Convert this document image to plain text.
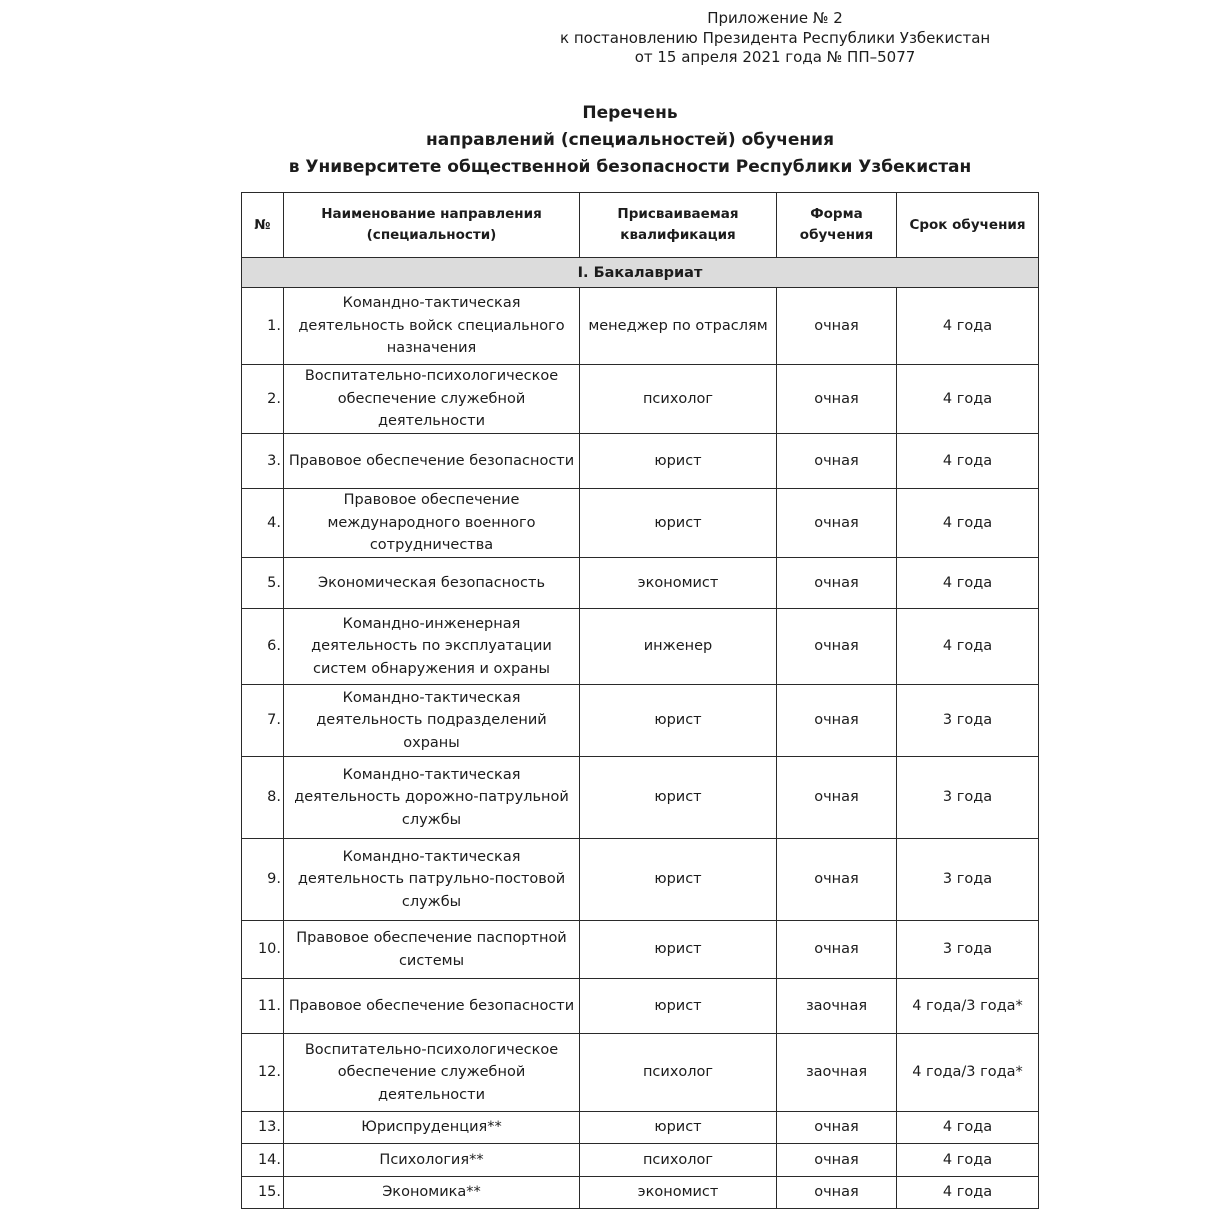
Приложение № 2
к постановлению Президента Республики Узбекистан
от 15 апреля 2021 года № ПП–5077
Перечень
направлений (специальностей) обучения
в Университете общественной безопасности Республики Узбекистан
№	Наименование направления (специальности)	Присваиваемая квалификация	Форма обучения	Срок обучения
I. Бакалавриат				
1.	Командно-тактическая деятельность войск специального назначения	менеджер по отраслям	очная	4 года
2.	Воспитательно-психологическое обеспечение служебной деятельности	психолог	очная	4 года
3.	Правовое обеспечение безопасности	юрист	очная	4 года
4.	Правовое обеспечение международного военного сотрудничества	юрист	очная	4 года
5.	Экономическая безопасность	экономист	очная	4 года
6.	Командно-инженерная деятельность по эксплуатации систем обнаружения и охраны	инженер	очная	4 года
7.	Командно-тактическая деятельность подразделений охраны	юрист	очная	3 года
8.	Командно-тактическая деятельность дорожно-патрульной службы	юрист	очная	3 года
9.	Командно-тактическая деятельность патрульно-постовой службы	юрист	очная	3 года
10.	Правовое обеспечение паспортной системы	юрист	очная	3 года
11.	Правовое обеспечение безопасности	юрист	заочная	4 года/3 года*
12.	Воспитательно-психологическое обеспечение служебной деятельности	психолог	заочная	4 года/3 года*
13.	Юриспруденция**	юрист	очная	4 года
14.	Психология**	психолог	очная	4 года
15.	Экономика**	экономист	очная	4 года
